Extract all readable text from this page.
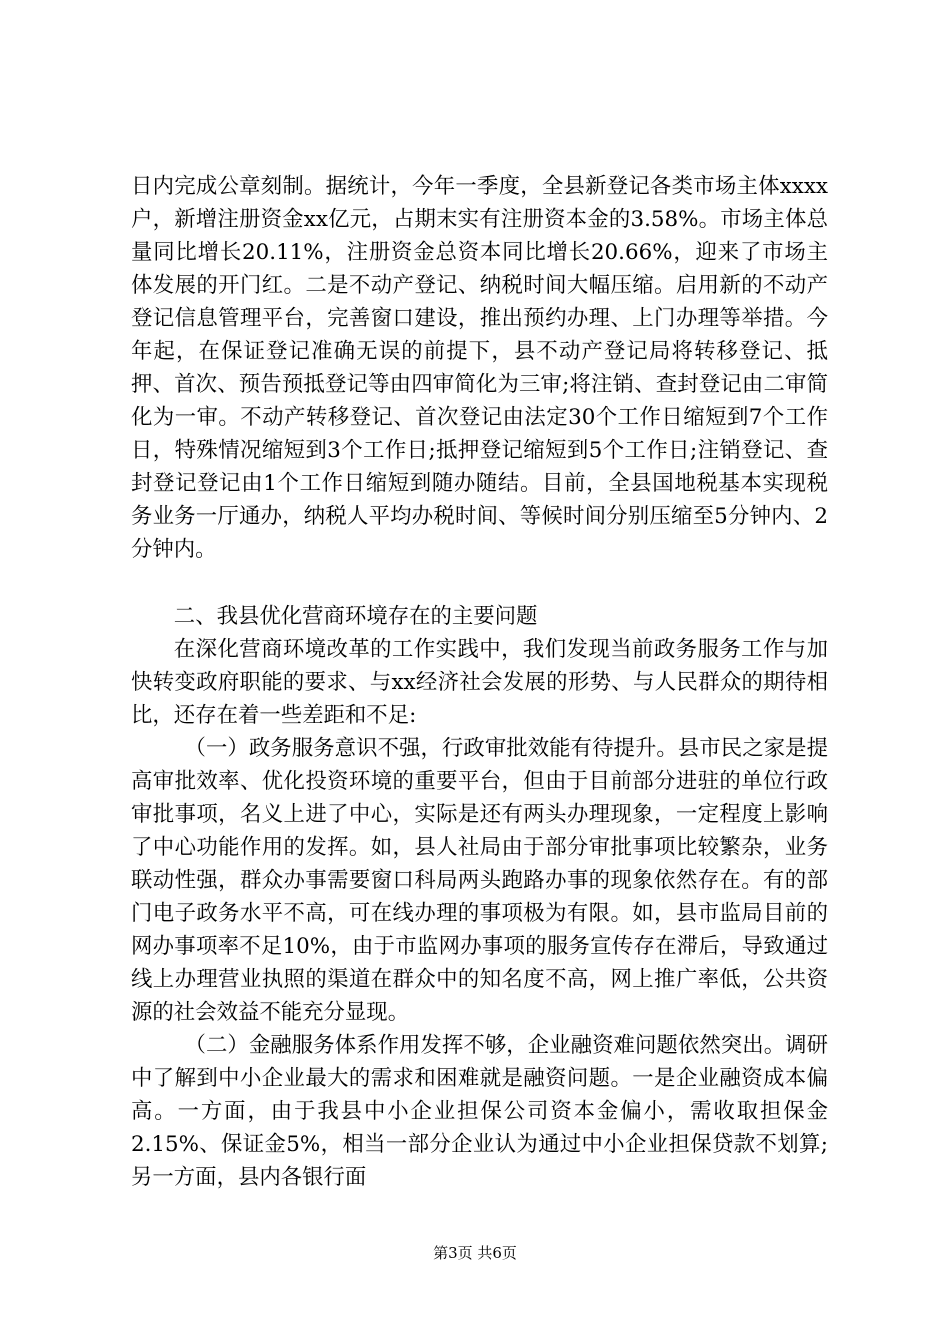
日内完成公章刻制。据统计，今年一季度，全县新登记各类市场主体xxxx户，新增注册资金xx亿元，占期末实有注册资本金的3.58%。市场主体总量同比增长20.11%，注册资金总资本同比增长20.66%，迎来了市场主体发展的开门红。二是不动产登记、纳税时间大幅压缩。启用新的不动产登记信息管理平台，完善窗口建设，推出预约办理、上门办理等举措。今年起，在保证登记准确无误的前提下，县不动产登记局将转移登记、抵押、首次、预告预抵登记等由四审简化为三审;将注销、查封登记由二审简化为一审。不动产转移登记、首次登记由法定30个工作日缩短到7个工作日，特殊情况缩短到3个工作日;抵押登记缩短到5个工作日;注销登记、查封登记登记由1个工作日缩短到随办随结。目前，全县国地税基本实现税务业务一厅通办，纳税人平均办税时间、等候时间分别压缩至5分钟内、2分钟内。

二、我县优化营商环境存在的主要问题

在深化营商环境改革的工作实践中，我们发现当前政务服务工作与加快转变政府职能的要求、与xx经济社会发展的形势、与人民群众的期待相比，还存在着一些差距和不足:

（一）政务服务意识不强，行政审批效能有待提升。县市民之家是提高审批效率、优化投资环境的重要平台，但由于目前部分进驻的单位行政审批事项，名义上进了中心，实际是还有两头办理现象，一定程度上影响了中心功能作用的发挥。如，县人社局由于部分审批事项比较繁杂，业务联动性强，群众办事需要窗口科局两头跑路办事的现象依然存在。有的部门电子政务水平不高，可在线办理的事项极为有限。如，县市监局目前的网办事项率不足10%，由于市监网办事项的服务宣传存在滞后，导致通过线上办理营业执照的渠道在群众中的知名度不高，网上推广率低，公共资源的社会效益不能充分显现。

（二）金融服务体系作用发挥不够，企业融资难问题依然突出。调研中了解到中小企业最大的需求和困难就是融资问题。一是企业融资成本偏高。一方面，由于我县中小企业担保公司资本金偏小，需收取担保金2.15%、保证金5%，相当一部分企业认为通过中小企业担保贷款不划算;另一方面，县内各银行面

第3页 共6页
